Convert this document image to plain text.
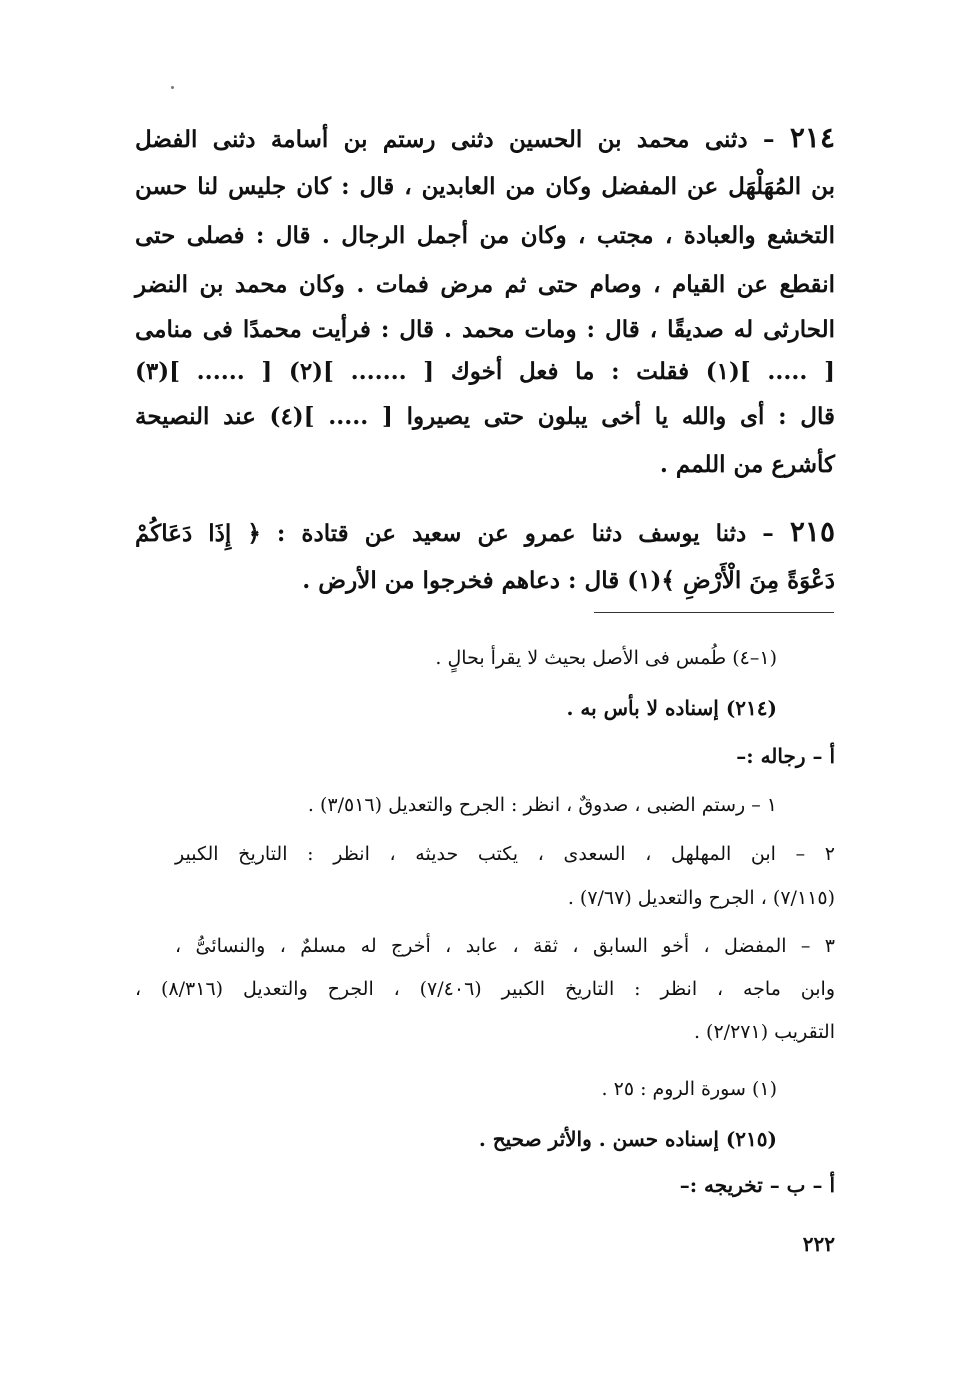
٢١٤ – دثنى محمد بن الحسين دثنى رستم بن أسامة دثنى الفضل
بن المُهَلْهَل عن المفضل وكان من العابدين ، قال : كان جليس لنا حسن
التخشع والعبادة ، مجتب ، وكان من أجمل الرجال . قال : فصلى حتى
انقطع عن القيام ، وصام حتى ثم مرض فمات . وكان محمد بن النضر
الحارثى له صديقًا ، قال : ومات محمد . قال : فرأيت محمدًا فى منامى
[ ..... ](١) فقلت : ما فعل أخوك [ ....... ](٢) [ ...... ](٣)
قال : أى والله يا أخى يبلون حتى يصيروا [ ..... ](٤) عند النصيحة
كأشرع من اللمم .
٢١٥ – دثنا يوسف دثنا عمرو عن سعيد عن قتادة : ﴿ إِذَا دَعَاكُمْ
دَعْوَةً مِنَ الْأَرْضِ ﴾(١) قال : دعاهم فخرجوا من الأرض .
(١–٤) طُمس فى الأصل بحيث لا يقرأ بحالٍ .
(٢١٤) إسناده لا بأس به .
أ – رجاله :–
١ – رستم الضبى ، صدوقٌ ، انظر : الجرح والتعديل (٣/٥١٦) .
٢ – ابن المهلهل ، السعدى ، يكتب حديثه ، انظر : التاريخ الكبير
(٧/١١٥) ، الجرح والتعديل (٧/٦٧) .
٣ – المفضل ، أخو السابق ، ثقة ، عابد ، أخرج له مسلمٌ ، والنسائىُّ ،
وابن ماجه ، انظر : التاريخ الكبير (٧/٤٠٦) ، الجرح والتعديل (٨/٣١٦) ،
التقريب (٢/٢٧١) .
(١) سورة الروم : ٢٥ .
(٢١٥) إسناده حسن . والأثر صحيح .
أ – ب – تخريجه :–
٢٢٢
